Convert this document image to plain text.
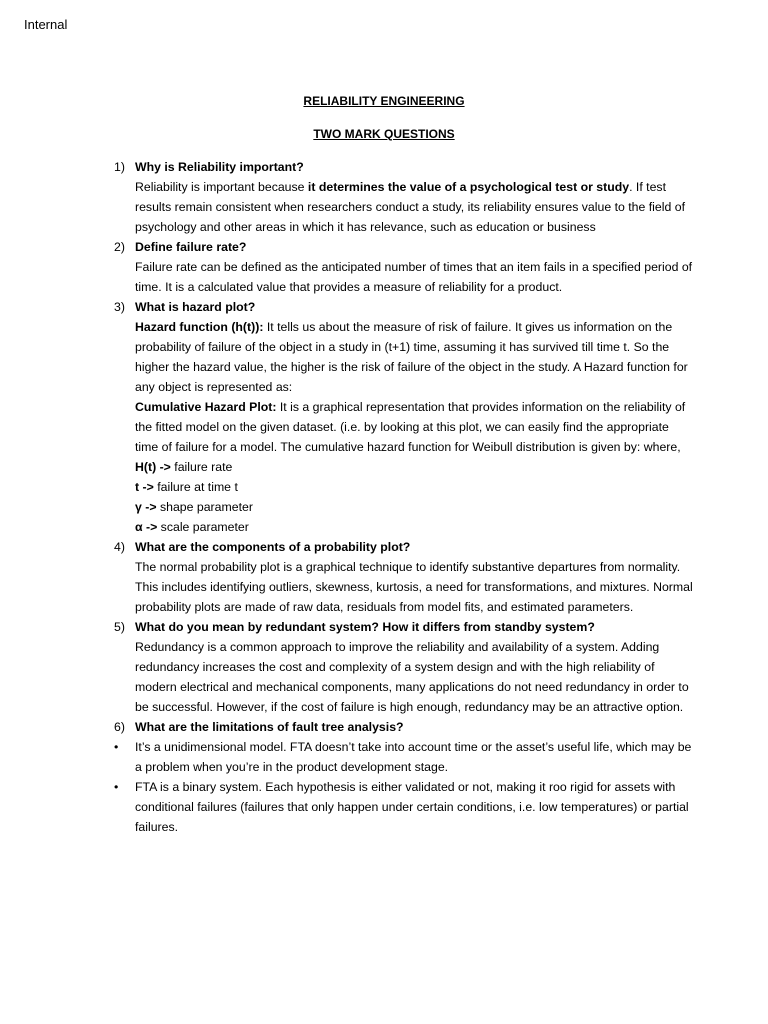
Internal
RELIABILITY ENGINEERING
TWO MARK QUESTIONS
1) Why is Reliability important?
Reliability is important because it determines the value of a psychological test or study. If test results remain consistent when researchers conduct a study, its reliability ensures value to the field of psychology and other areas in which it has relevance, such as education or business
2) Define failure rate?
Failure rate can be defined as the anticipated number of times that an item fails in a specified period of time. It is a calculated value that provides a measure of reliability for a product.
3) What is hazard plot?
Hazard function (h(t)): It tells us about the measure of risk of failure. It gives us information on the probability of failure of the object in a study in (t+1) time, assuming it has survived till time t. So the higher the hazard value, the higher is the risk of failure of the object in the study. A Hazard function for any object is represented as:
Cumulative Hazard Plot: It is a graphical representation that provides information on the reliability of the fitted model on the given dataset. (i.e. by looking at this plot, we can easily find the appropriate time of failure for a model. The cumulative hazard function for Weibull distribution is given by: where,
H(t) -> failure rate
t -> failure at time t
γ -> shape parameter
α -> scale parameter
4) What are the components of a probability plot?
The normal probability plot is a graphical technique to identify substantive departures from normality. This includes identifying outliers, skewness, kurtosis, a need for transformations, and mixtures. Normal probability plots are made of raw data, residuals from model fits, and estimated parameters.
5) What do you mean by redundant system? How it differs from standby system?
Redundancy is a common approach to improve the reliability and availability of a system. Adding redundancy increases the cost and complexity of a system design and with the high reliability of modern electrical and mechanical components, many applications do not need redundancy in order to be successful. However, if the cost of failure is high enough, redundancy may be an attractive option.
6) What are the limitations of fault tree analysis?
• It’s a unidimensional model. FTA doesn’t take into account time or the asset’s useful life, which may be a problem when you’re in the product development stage.
• FTA is a binary system. Each hypothesis is either validated or not, making it roo rigid for assets with conditional failures (failures that only happen under certain conditions, i.e. low temperatures) or partial failures.
